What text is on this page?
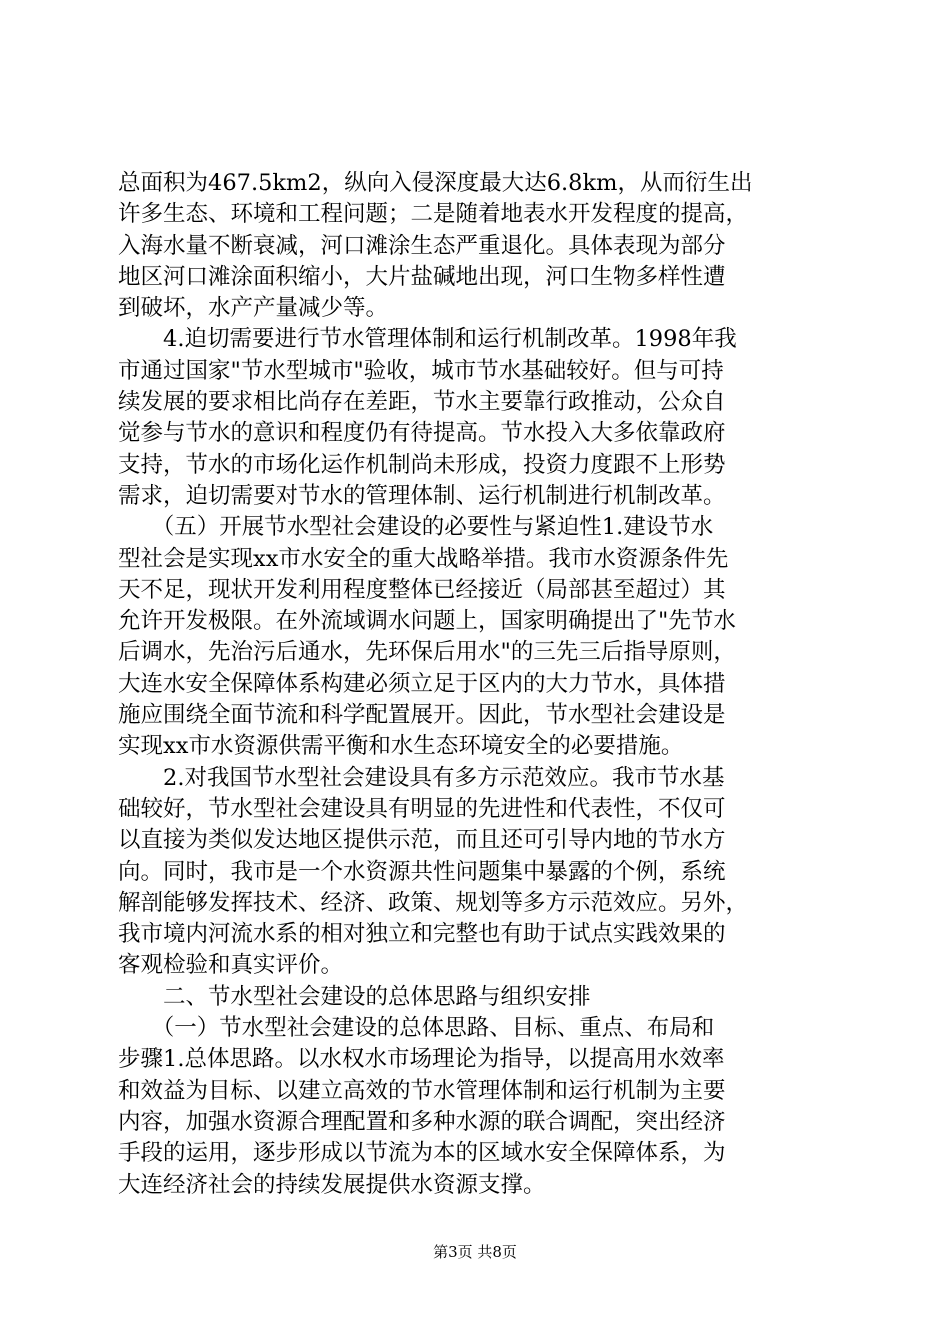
总面积为467.5km2，纵向入侵深度最大达6.8km，从而衍生出
许多生态、环境和工程问题；二是随着地表水开发程度的提高，
入海水量不断衰减，河口滩涂生态严重退化。具体表现为部分
地区河口滩涂面积缩小，大片盐碱地出现，河口生物多样性遭
到破坏，水产产量减少等。
　　4.迫切需要进行节水管理体制和运行机制改革。1998年我
市通过国家"节水型城市"验收，城市节水基础较好。但与可持
续发展的要求相比尚存在差距，节水主要靠行政推动，公众自
觉参与节水的意识和程度仍有待提高。节水投入大多依靠政府
支持，节水的市场化运作机制尚未形成，投资力度跟不上形势
需求，迫切需要对节水的管理体制、运行机制进行机制改革。
　　（五）开展节水型社会建设的必要性与紧迫性1.建设节水
型社会是实现xx市水安全的重大战略举措。我市水资源条件先
天不足，现状开发利用程度整体已经接近（局部甚至超过）其
允许开发极限。在外流域调水问题上，国家明确提出了"先节水
后调水，先治污后通水，先环保后用水"的三先三后指导原则，
大连水安全保障体系构建必须立足于区内的大力节水，具体措
施应围绕全面节流和科学配置展开。因此，节水型社会建设是
实现xx市水资源供需平衡和水生态环境安全的必要措施。
　　2.对我国节水型社会建设具有多方示范效应。我市节水基
础较好，节水型社会建设具有明显的先进性和代表性，不仅可
以直接为类似发达地区提供示范，而且还可引导内地的节水方
向。同时，我市是一个水资源共性问题集中暴露的个例，系统
解剖能够发挥技术、经济、政策、规划等多方示范效应。另外，
我市境内河流水系的相对独立和完整也有助于试点实践效果的
客观检验和真实评价。
　　二、节水型社会建设的总体思路与组织安排
　　（一）节水型社会建设的总体思路、目标、重点、布局和
步骤1.总体思路。以水权水市场理论为指导，以提高用水效率
和效益为目标、以建立高效的节水管理体制和运行机制为主要
内容，加强水资源合理配置和多种水源的联合调配，突出经济
手段的运用，逐步形成以节流为本的区域水安全保障体系，为
大连经济社会的持续发展提供水资源支撑。
第3页 共8页
